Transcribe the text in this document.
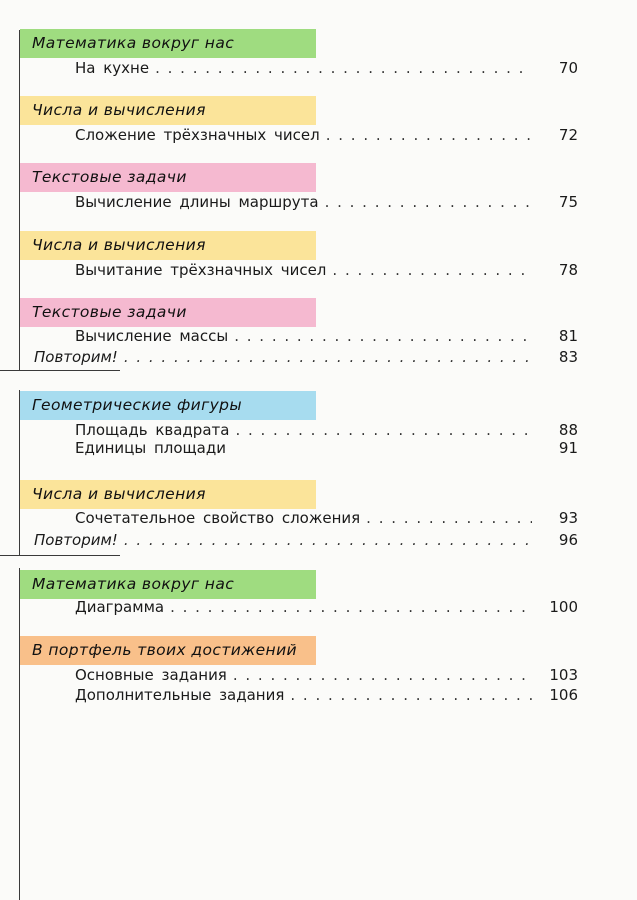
Математика вокруг нас
На кухне . . .	70
Числа и вычисления
Сложение трёхзначных чисел . . .	72
Текстовые задачи
Вычисление длины маршрута . . .	75
Числа и вычисления
Вычитание трёхзначных чисел . . .	78
Текстовые задачи
Вычисление массы . . .	81
Повторим! . . .	83
Геометрические фигуры
Площадь квадрата . . .	88
Единицы площади	91
Числа и вычисления
Сочетательное свойство сложения . . .	93
Повторим! . . .	96
Математика вокруг нас
Диаграмма . . .	100
В портфель твоих достижений
Основные задания . . .	103
Дополнительные задания . . .	106
